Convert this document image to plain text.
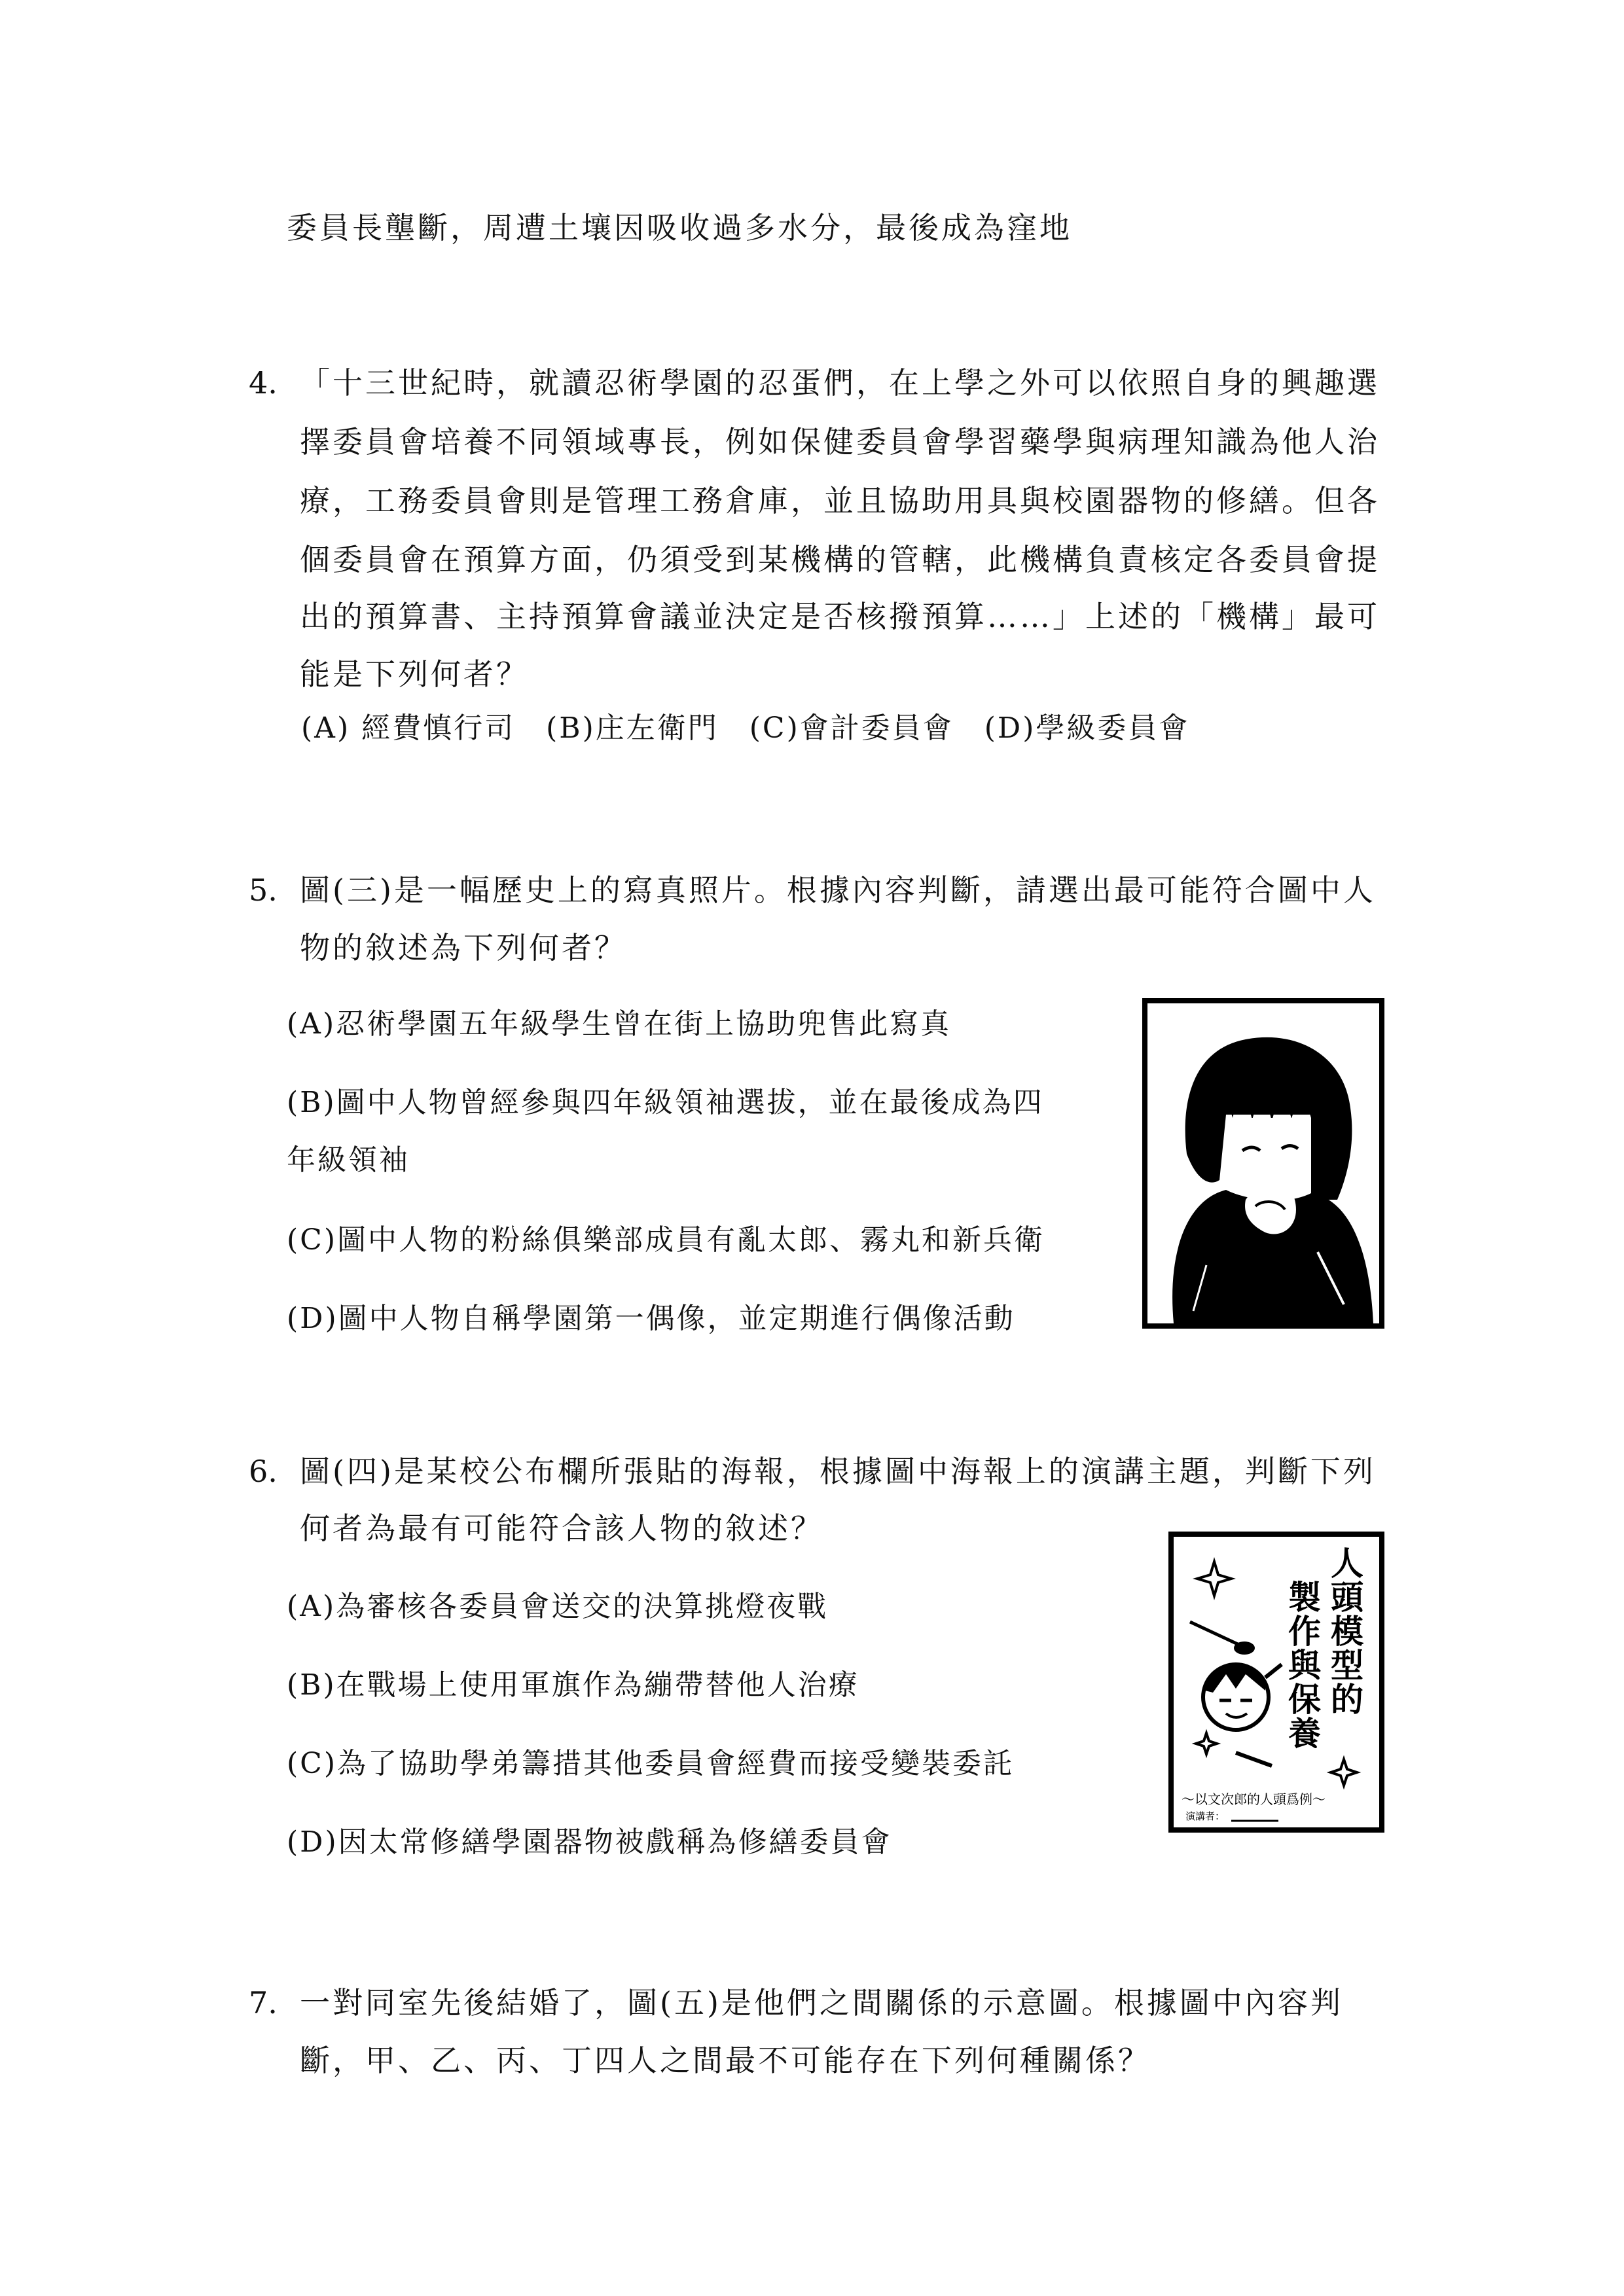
委員長壟斷，周遭土壤因吸收過多水分，最後成為窪地
4. 「十三世紀時，就讀忍術學園的忍蛋們，在上學之外可以依照自身的興趣選
擇委員會培養不同領域專長，例如保健委員會學習藥學與病理知識為他人治
療，工務委員會則是管理工務倉庫，並且協助用具與校園器物的修繕。但各
個委員會在預算方面，仍須受到某機構的管轄，此機構負責核定各委員會提
出的預算書、主持預算會議並決定是否核撥預算……」上述的「機構」最可
能是下列何者？
(A) 經費慎行司　(B)庄左衛門　(C)會計委員會　(D)學級委員會
5. 圖(三)是一幅歷史上的寫真照片。根據內容判斷，請選出最可能符合圖中人
物的敘述為下列何者？
(A)忍術學園五年級學生曾在街上協助兜售此寫真
(B)圖中人物曾經參與四年級領袖選拔，並在最後成為四
年級領袖
(C)圖中人物的粉絲俱樂部成員有亂太郎、霧丸和新兵衛
(D)圖中人物自稱學園第一偶像，並定期進行偶像活動
6. 圖(四)是某校公布欄所張貼的海報，根據圖中海報上的演講主題，判斷下列
何者為最有可能符合該人物的敘述？
(A)為審核各委員會送交的決算挑燈夜戰
(B)在戰場上使用軍旗作為繃帶替他人治療
(C)為了協助學弟籌措其他委員會經費而接受變裝委託
(D)因太常修繕學園器物被戲稱為修繕委員會
人
頭
模
型
的
製
作
與
保
養
～以文次郎的人頭爲例～
演講者：
7. 一對同室先後結婚了，圖(五)是他們之間關係的示意圖。根據圖中內容判
斷，甲、乙、丙、丁四人之間最不可能存在下列何種關係？
